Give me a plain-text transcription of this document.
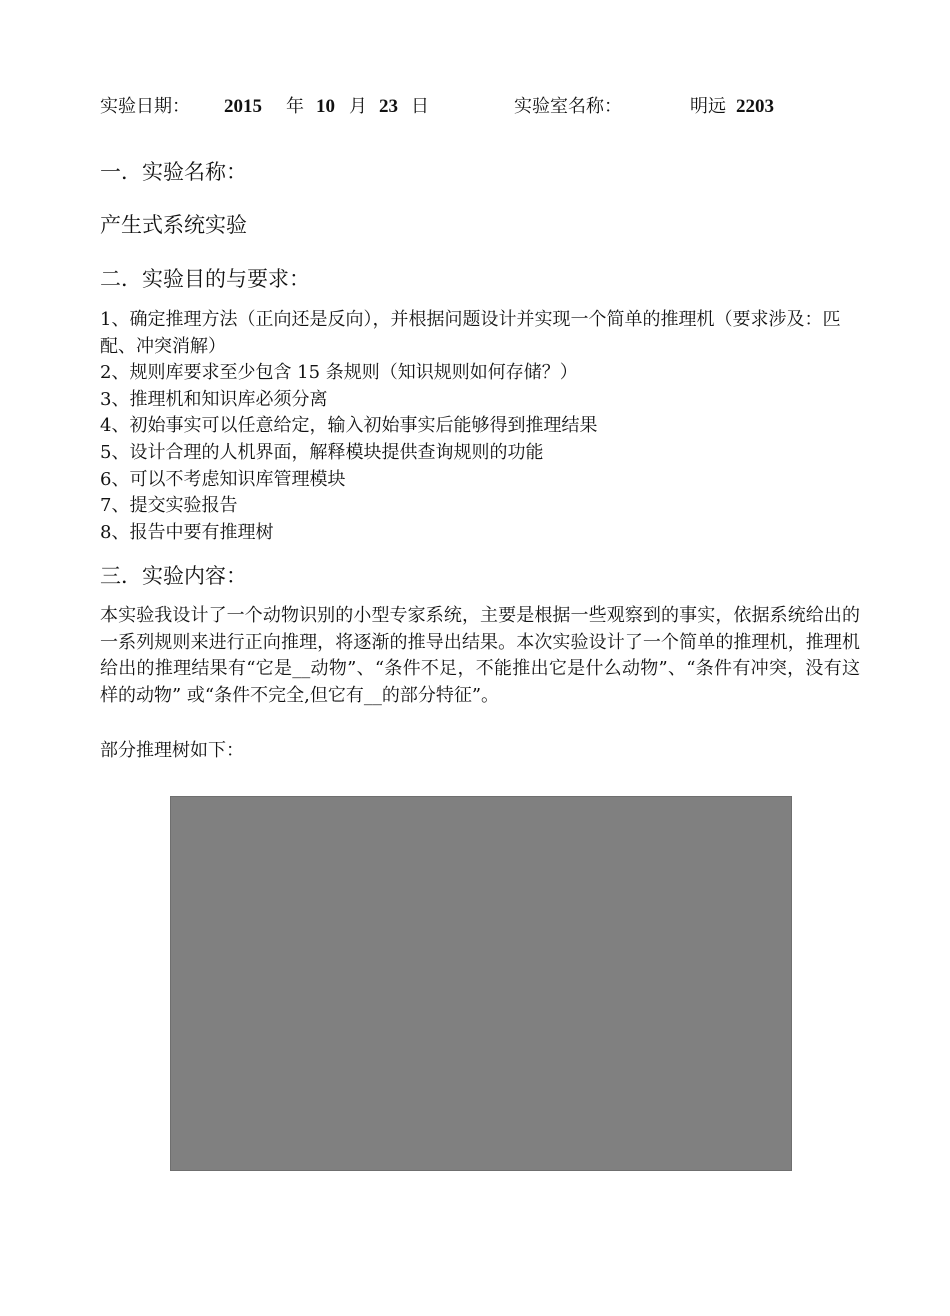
实验日期： 2015 年 10 月 23 日	实验室名称：	明远 2203
一．实验名称：
产生式系统实验
二．实验目的与要求：
1、确定推理方法（正向还是反向），并根据问题设计并实现一个简单的推理机（要求涉及：匹配、冲突消解）
2、规则库要求至少包含 15 条规则（知识规则如何存储？）
3、推理机和知识库必须分离
4、初始事实可以任意给定，输入初始事实后能够得到推理结果
5、设计合理的人机界面，解释模块提供查询规则的功能
6、可以不考虑知识库管理模块
7、提交实验报告
8、报告中要有推理树
三．实验内容：

本实验我设计了一个动物识别的小型专家系统，主要是根据一些观察到的事实，依据系统给出的一系列规则来进行正向推理，将逐渐的推导出结果。本次实验设计了一个简单的推理机，推理机给出的推理结果有“它是__动物”、“条件不足，不能推出它是什么动物”、“条件有冲突，没有这样的动物” 或“条件不完全,但它有__的部分特征”。

部分推理树如下：
